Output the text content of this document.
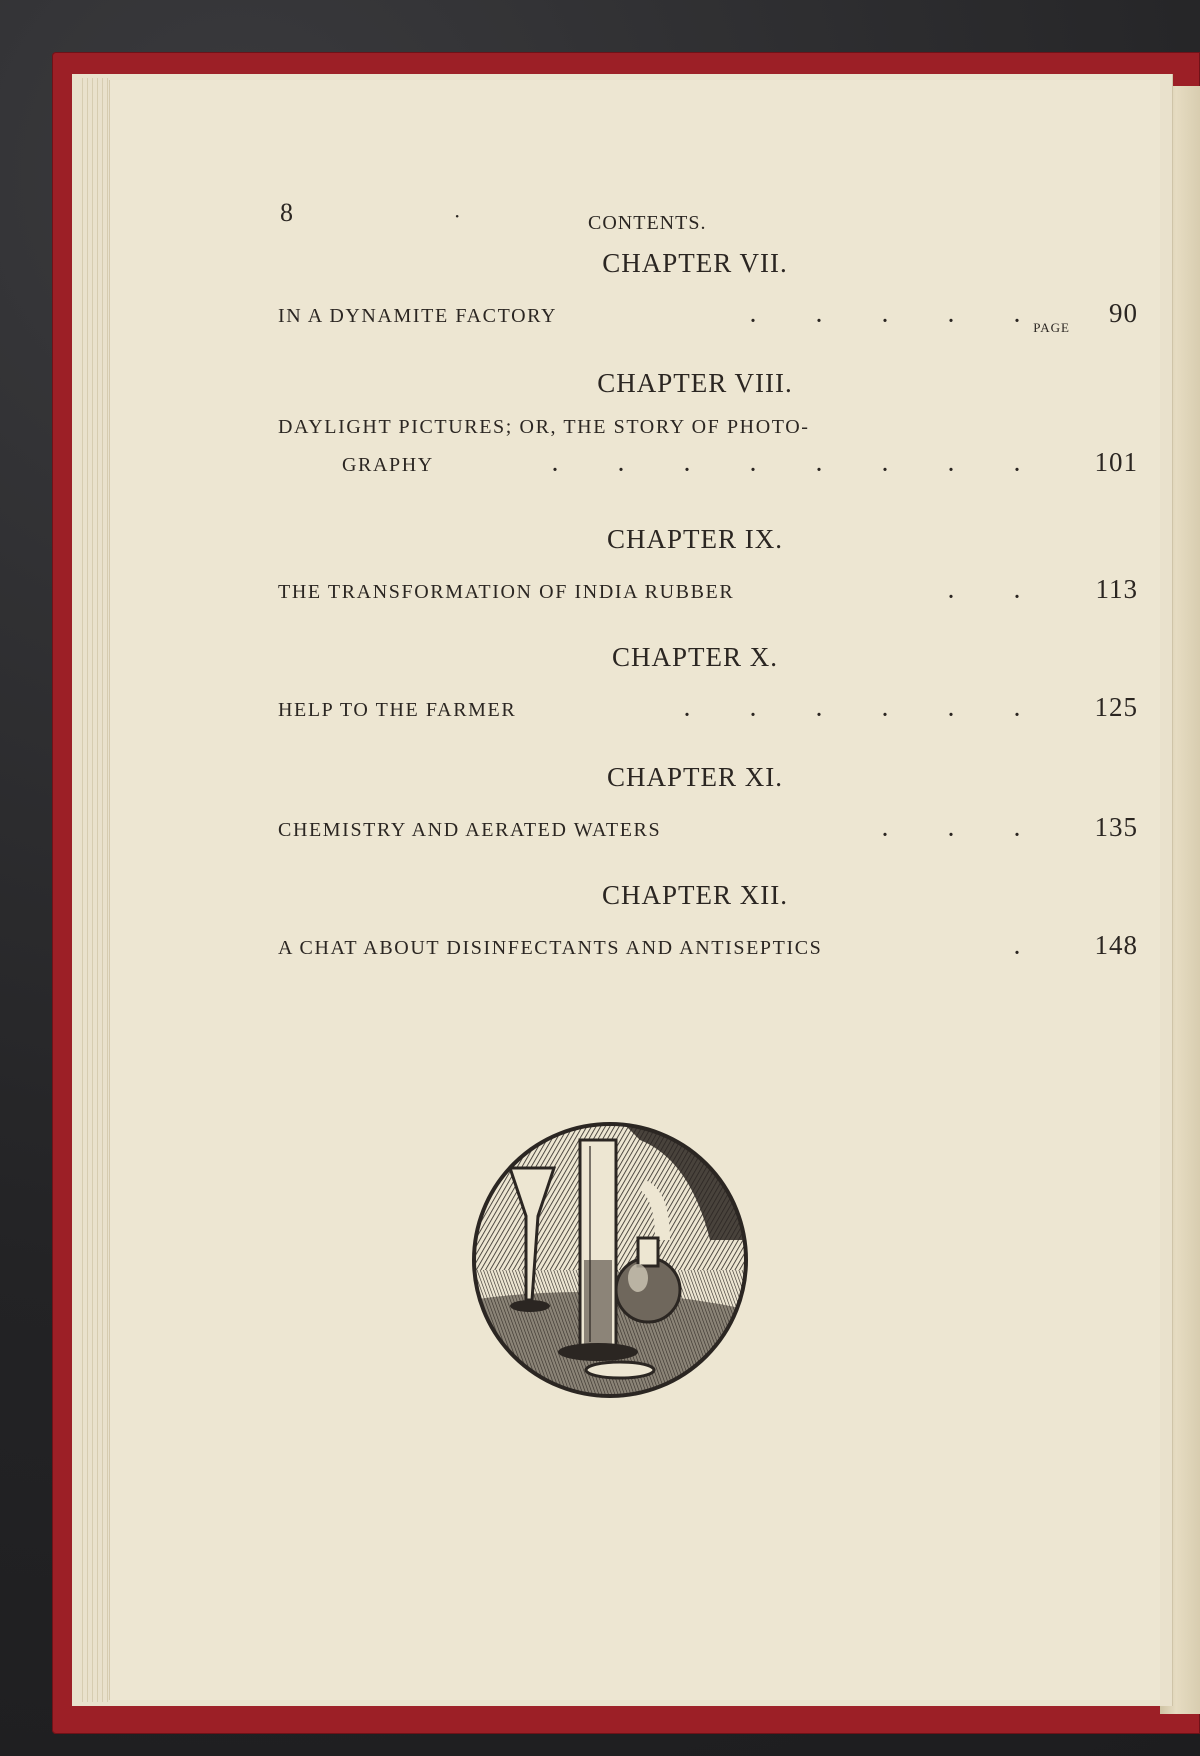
8	·	CONTENTS.
CHAPTER VII.
PAGE
IN A DYNAMITE FACTORY	.	.	.	.	.	90
CHAPTER VIII.
DAYLIGHT PICTURES; OR, THE STORY OF PHOTO-
GRAPHY	.	.	.	.	.	.	.	.	101
CHAPTER IX.
THE TRANSFORMATION OF INDIA RUBBER	.	.	113
CHAPTER X.
HELP TO THE FARMER	.	.	.	.	.	.	125
CHAPTER XI.
CHEMISTRY AND AERATED WATERS	.	.	.	135
CHAPTER XII.
A CHAT ABOUT DISINFECTANTS AND ANTISEPTICS	.	148
